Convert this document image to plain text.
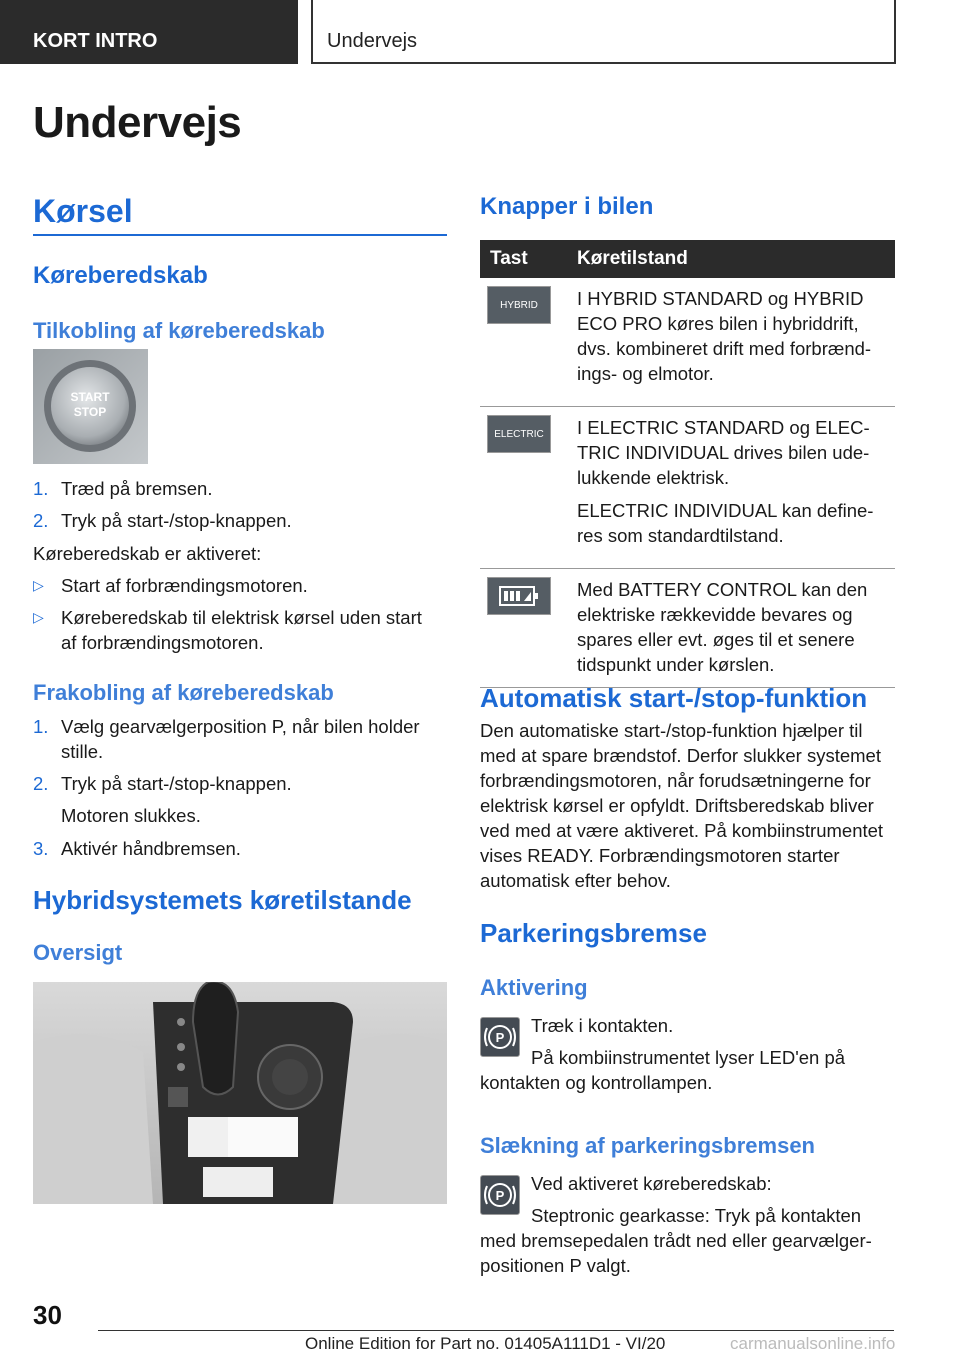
KORT INTRO	Undervejs
Undervejs
Kørsel
Køreberedskab
Tilkobling af køreberedskab
START
STOP
1. Træd på bremsen.

2. Tryk på start-/stop-knappen.

Køreberedskab er aktiveret:

▷ Start af forbrændingsmotoren.

▷ Køreberedskab til elektrisk kørsel uden start

af forbrændingsmotoren.

Frakobling af køreberedskab
1. Vælg gearvælgerposition P, når bilen holder

stille.

2. Tryk på start-/stop-knappen.

Motoren slukkes.

3. Aktivér håndbremsen.

Hybridsystemets køretilstande
Oversigt
Knapper i bilen
Tast	Køretilstand

HYBRID	I HYBRID STANDARD og HYBRID
ECO PRO køres bilen i hybriddrift,
dvs. kombineret drift med forbrænd-
ings- og elmotor.

ELECTRIC	I ELECTRIC STANDARD og ELEC-
TRIC INDIVIDUAL drives bilen ude-
lukkende elektrisk.
ELECTRIC INDIVIDUAL kan define-
res som standardtilstand.

Med BATTERY CONTROL kan den
elektriske rækkevidde bevares og
spares eller evt. øges til et senere
tidspunkt under kørslen.
Automatisk start-/stop-funktion
Den automatiske start-/stop-funktion hjælper til
med at spare brændstof. Derfor slukker systemet
forbrændingsmotoren, når forudsætningerne for
elektrisk kørsel er opfyldt. Driftsberedskab bliver
ved med at være aktiveret. På kombiinstrumentet
vises READY. Forbrændingsmotoren starter
automatisk efter behov.
Parkeringsbremse
Aktivering
P

Træk i kontakten.

På kombiinstrumentet lyser LED'en på

kontakten og kontrollampen.

Slækning af parkeringsbremsen
P

Ved aktiveret køreberedskab:

Steptronic gearkasse: Tryk på kontakten

med bremsepedalen trådt ned eller gearvælger-

positionen P valgt.

30
Online Edition for Part no. 01405A111D1 - VI/20	carmanualsonline.info
